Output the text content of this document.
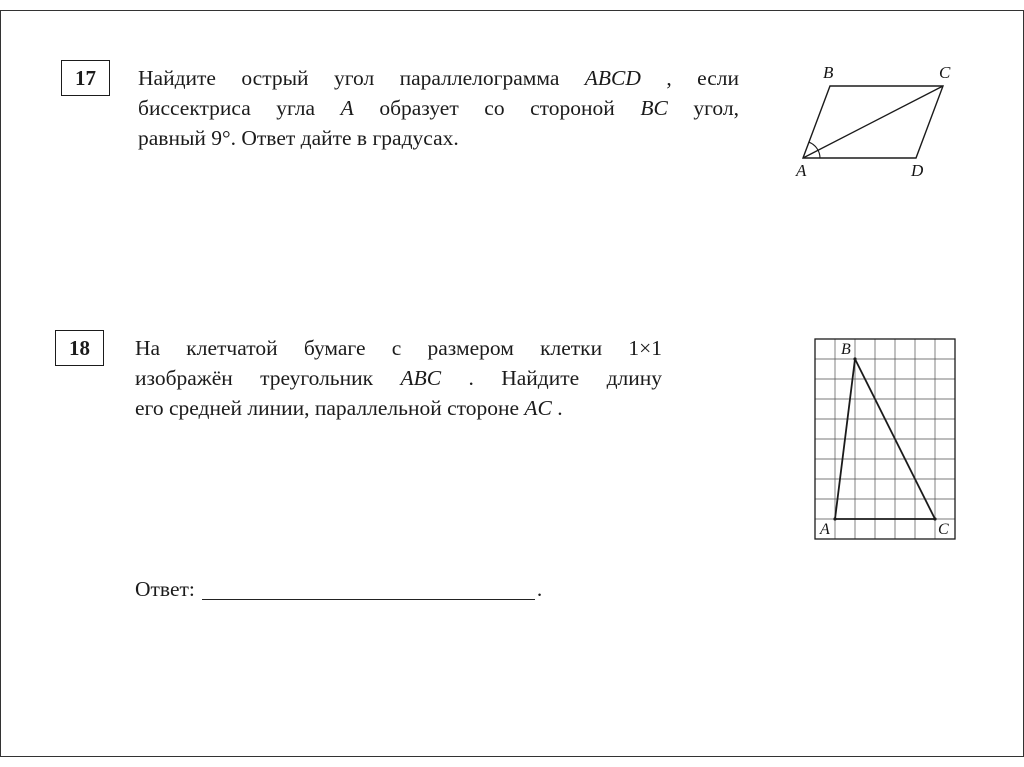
17 Найдите острый угол параллелограмма ABCD , если
биссектриса угла A образует со стороной BC угол,
равный 9°. Ответ дайте в градусах.
B	C
A	D
18 На клетчатой бумаге с размером клетки 1×1
изображён треугольник ABC . Найдите длину
его средней линии, параллельной стороне AC .
B
A	C
Ответ:	.
